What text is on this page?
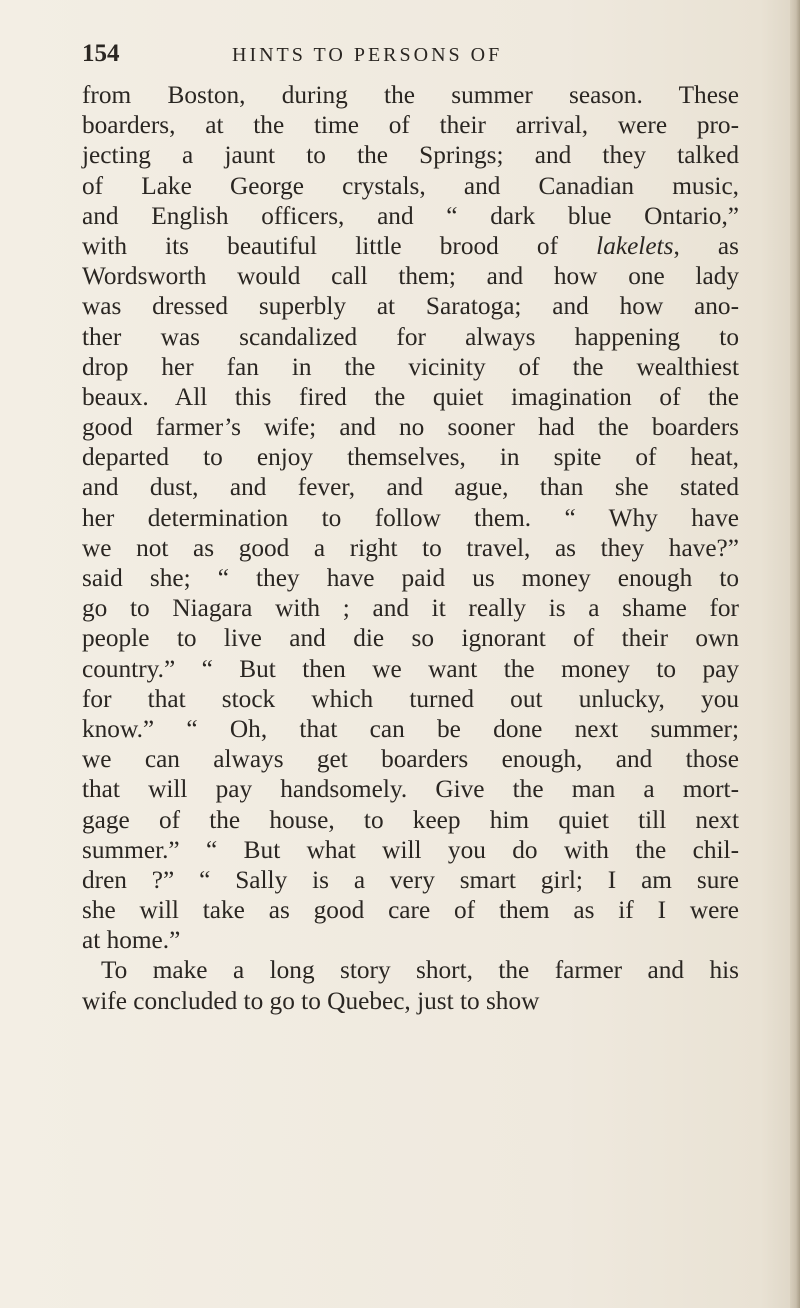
154	HINTS TO PERSONS OF
from Boston, during the summer season. These
boarders, at the time of their arrival, were pro-
jecting a jaunt to the Springs; and they talked
of Lake George crystals, and Canadian music,
and English officers, and “ dark blue Ontario,”
with its beautiful little brood of lakelets, as
Wordsworth would call them; and how one lady
was dressed superbly at Saratoga; and how ano-
ther was scandalized for always happening to
drop her fan in the vicinity of the wealthiest
beaux. All this fired the quiet imagination of the
good farmer’s wife; and no sooner had the boarders
departed to enjoy themselves, in spite of heat,
and dust, and fever, and ague, than she stated
her determination to follow them. “ Why have
we not as good a right to travel, as they have?”
said she; “ they have paid us money enough to
go to Niagara with ; and it really is a shame for
people to live and die so ignorant of their own
country.” “ But then we want the money to pay
for that stock which turned out unlucky, you
know.” “ Oh, that can be done next summer;
we can always get boarders enough, and those
that will pay handsomely. Give the man a mort-
gage of the house, to keep him quiet till next
summer.” “ But what will you do with the chil-
dren ?” “ Sally is a very smart girl; I am sure
she will take as good care of them as if I were
at home.”
To make a long story short, the farmer and his
wife concluded to go to Quebec, just to show
